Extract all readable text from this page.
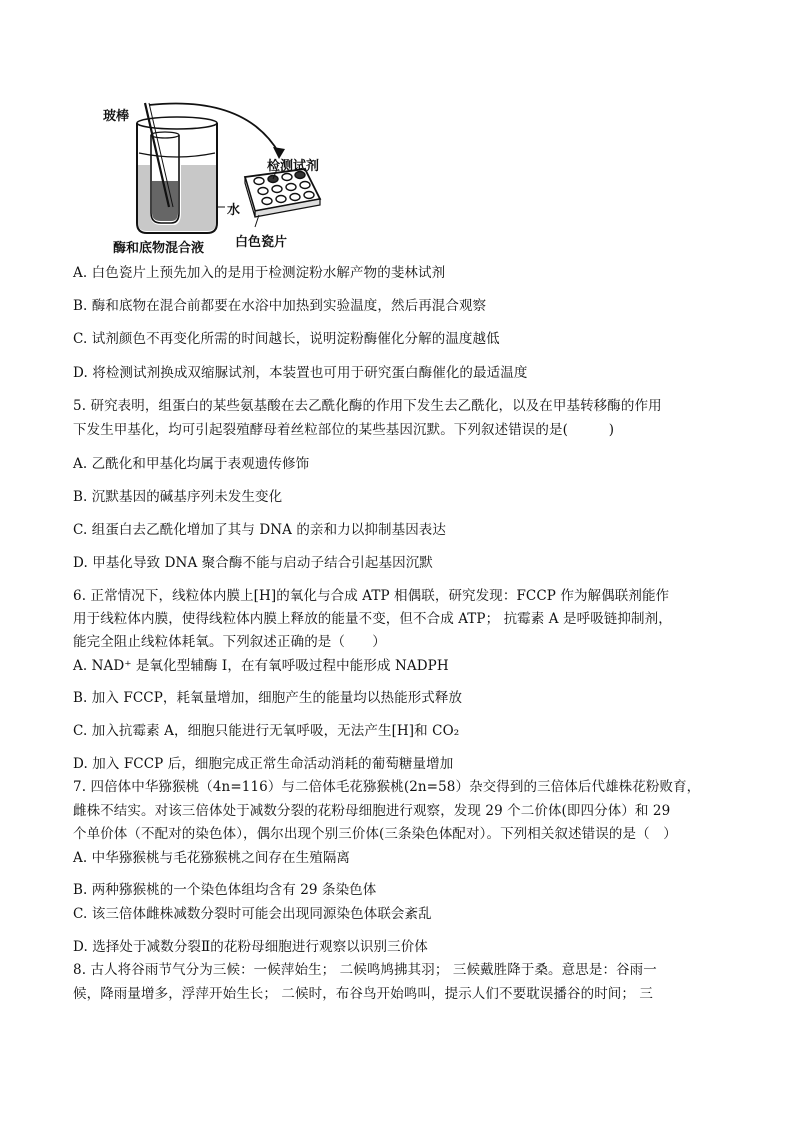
玻棒
检测试剂
水
酶和底物混合液 白色瓷片
A. 白色瓷片上预先加入的是用于检测淀粉水解产物的斐林试剂
B. 酶和底物在混合前都要在水浴中加热到实验温度，然后再混合观察
C. 试剂颜色不再变化所需的时间越长，说明淀粉酶催化分解的温度越低
D. 将检测试剂换成双缩脲试剂，本装置也可用于研究蛋白酶催化的最适温度
5. 研究表明，组蛋白的某些氨基酸在去乙酰化酶的作用下发生去乙酰化，以及在甲基转移酶的作用
下发生甲基化，均可引起裂殖酵母着丝粒部位的某些基因沉默。下列叙述错误的是(　　　)
A. 乙酰化和甲基化均属于表观遗传修饰
B. 沉默基因的碱基序列未发生变化
C. 组蛋白去乙酰化增加了其与 DNA 的亲和力以抑制基因表达
D. 甲基化导致 DNA 聚合酶不能与启动子结合引起基因沉默
6. 正常情况下，线粒体内膜上[H]的氧化与合成 ATP 相偶联，研究发现：FCCP 作为解偶联剂能作
用于线粒体内膜，使得线粒体内膜上释放的能量不变，但不合成 ATP； 抗霉素 A 是呼吸链抑制剂，
能完全阻止线粒体耗氧。下列叙述正确的是（　　）
A. NAD⁺ 是氧化型辅酶 I，在有氧呼吸过程中能形成 NADPH
B. 加入 FCCP，耗氧量增加，细胞产生的能量均以热能形式释放
C. 加入抗霉素 A，细胞只能进行无氧呼吸，无法产生[H]和 CO₂
D. 加入 FCCP 后，细胞完成正常生命活动消耗的葡萄糖量增加
7. 四倍体中华猕猴桃（4n=116）与二倍体毛花猕猴桃(2n=58）杂交得到的三倍体后代雄株花粉败育，
雌株不结实。对该三倍体处于减数分裂的花粉母细胞进行观察，发现 29 个二价体(即四分体）和 29
个单价体（不配对的染色体），偶尔出现个别三价体(三条染色体配对）。下列相关叙述错误的是（　）
A. 中华猕猴桃与毛花猕猴桃之间存在生殖隔离
B. 两种猕猴桃的一个染色体组均含有 29 条染色体
C. 该三倍体雌株减数分裂时可能会出现同源染色体联会紊乱
D. 选择处于减数分裂Ⅱ的花粉母细胞进行观察以识别三价体
8. 古人将谷雨节气分为三候：一候萍始生； 二候鸣鸠拂其羽； 三候戴胜降于桑。意思是：谷雨一
候，降雨量增多，浮萍开始生长； 二候时，布谷鸟开始鸣叫，提示人们不要耽误播谷的时间； 三
